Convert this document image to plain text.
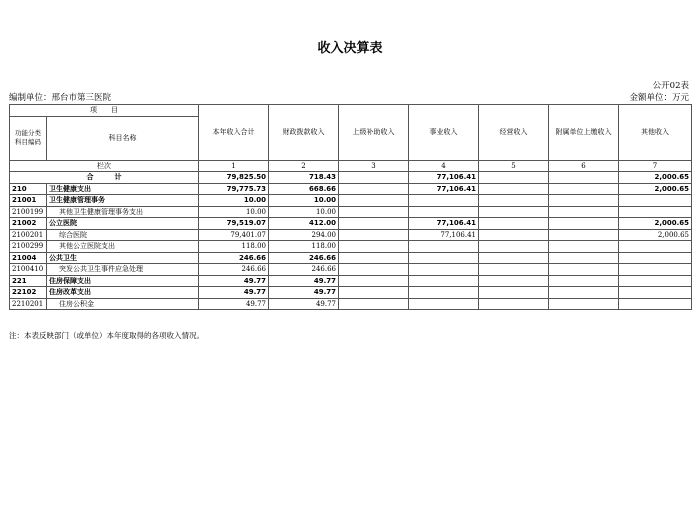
收入决算表
公开02表
编制单位：邢台市第三医院	金额单位：万元
项　　目		本年收入合计	财政拨款收入	上级补助收入	事业收入	经营收入	附属单位上缴收入	其他收入
功能分类科目编码	科目名称							

栏次		1	2	3	4	5	6	7
合　　　计		79,825.50	718.43		77,106.41			2,000.65
210	卫生健康支出	79,775.73	668.66		77,106.41			2,000.65
21001	卫生健康管理事务	10.00	10.00					
2100199	其他卫生健康管理事务支出	10.00	10.00					
21002	公立医院	79,519.07	412.00		77,106.41			2,000.65
2100201	综合医院	79,401.07	294.00		77,106.41			2,000.65
2100299	其他公立医院支出	118.00	118.00					
21004	公共卫生	246.66	246.66					
2100410	突发公共卫生事件应急处理	246.66	246.66					
221	住房保障支出	49.77	49.77					
22102	住房改革支出	49.77	49.77					
2210201	住房公积金	49.77	49.77					
注：本表反映部门（或单位）本年度取得的各项收入情况。
